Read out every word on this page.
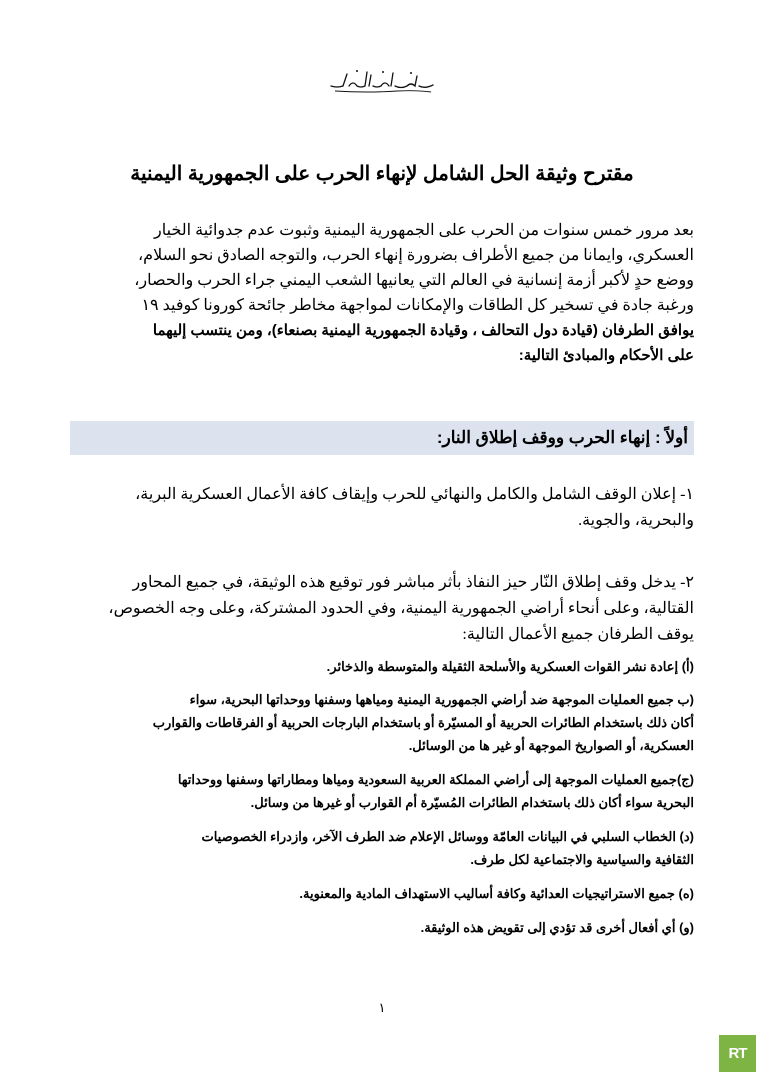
مقترح وثيقة الحل الشامل لإنهاء الحرب على الجمهورية اليمنية
بعد مرور خمس سنوات من الحرب على الجمهورية اليمنية وثبوت عدم جدوائية الخيار
العسكري، وايمانا من جميع الأطراف بضرورة إنهاء الحرب، والتوجه الصادق نحو السلام،
ووضع حدٍ لأكبر أزمة إنسانية في العالم التي يعانيها الشعب اليمني جراء الحرب والحصار،
ورغبة جادة في تسخير كل الطاقات والإمكانات لمواجهة مخاطر جائحة كورونا كوفيد ١٩
يوافق الطرفان (قيادة دول التحالف ، وقيادة الجمهورية اليمنية بصنعاء)، ومن ينتسب إليهما
على الأحكام والمبادئ التالية:
أولاً : إنهاء الحرب ووقف إطلاق النار:
١- إعلان الوقف الشامل والكامل والنهائي للحرب وإيقاف كافة الأعمال العسكرية البرية،
والبحرية، والجوية.
٢- يدخل وقف إطلاق النّار حيز النفاذ بأثر مباشر فور توقيع هذه الوثيقة، في جميع المحاور
القتالية، وعلى أنحاء أراضي الجمهورية اليمنية، وفي الحدود المشتركة، وعلى وجه الخصوص،
يوقف الطرفان جميع الأعمال التالية:
(أ) إعادة نشر القوات العسكرية والأسلحة الثقيلة والمتوسطة والذخائر.
(ب جميع العمليات الموجهة ضد أراضي الجمهورية اليمنية ومياهها وسفنها ووحداتها البحرية، سواء
أكان ذلك باستخدام الطائرات الحربية أو المسيّرة أو باستخدام البارجات الحربية أو الفرقاطات والقوارب
العسكرية، أو الصواريخ الموجهة أو غير ها من الوسائل.
(ج)جميع العمليات الموجهة إلى أراضي المملكة العربية السعودية ومياها ومطاراتها وسفنها ووحداتها
البحرية سواء أكان ذلك باستخدام الطائرات المُسيّرة أم القوارب أو غيرها من وسائل.
(د) الخطاب السلبي في البيانات العامّة ووسائل الإعلام ضد الطرف الآخر، وازدراء الخصوصيات
الثقافية والسياسية والاجتماعية لكل طرف.
(ه) جميع الاستراتيجيات العدائية وكافة أساليب الاستهداف المادية والمعنوية.
(و) أي أفعال أخرى قد تؤدي إلى تقويض هذه الوثيقة.
١
RT
